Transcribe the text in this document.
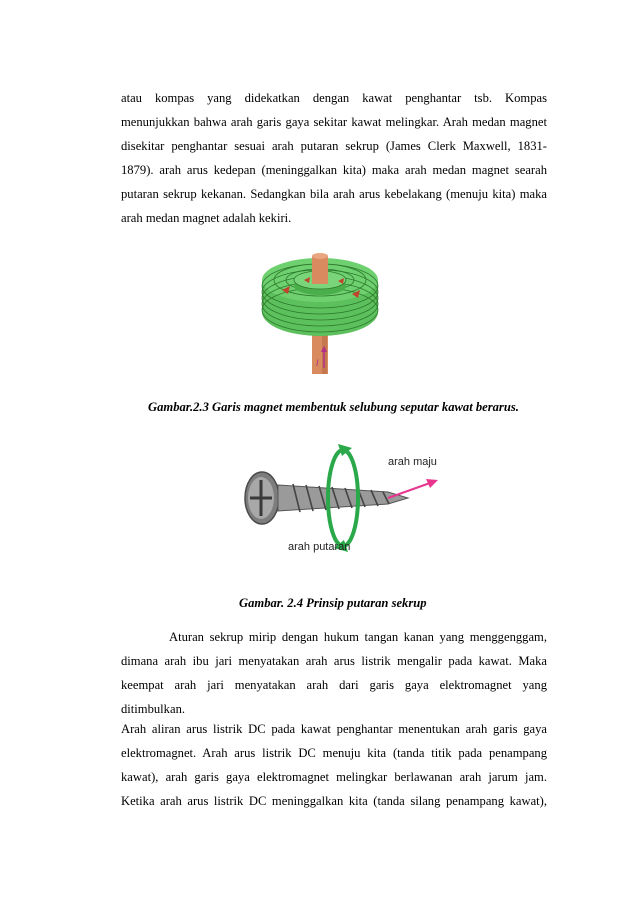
atau kompas yang didekatkan dengan kawat penghantar tsb. Kompas
menunjukkan bahwa arah garis gaya sekitar kawat melingkar. Arah medan magnet
disekitar penghantar sesuai arah putaran sekrup (James Clerk Maxwell, 1831-
1879). arah arus kedepan (meninggalkan kita) maka arah medan magnet searah
putaran sekrup kekanan. Sedangkan bila arah arus kebelakang (menuju kita) maka
arah medan magnet adalah kekiri.
I
Gambar.2.3 Garis magnet membentuk selubung seputar kawat berarus.
arah maju
arah putaran
Gambar. 2.4 Prinsip putaran sekrup
Aturan sekrup mirip dengan hukum tangan kanan yang menggenggam,
dimana arah ibu jari menyatakan arah arus listrik mengalir pada kawat. Maka
keempat arah jari menyatakan arah dari garis gaya elektromagnet yang
ditimbulkan.
Arah aliran arus listrik DC pada kawat penghantar menentukan arah garis gaya
elektromagnet. Arah arus listrik DC menuju kita (tanda titik pada penampang
kawat), arah garis gaya elektromagnet melingkar berlawanan arah jarum jam.
Ketika arah arus listrik DC meninggalkan kita (tanda silang penampang kawat),
